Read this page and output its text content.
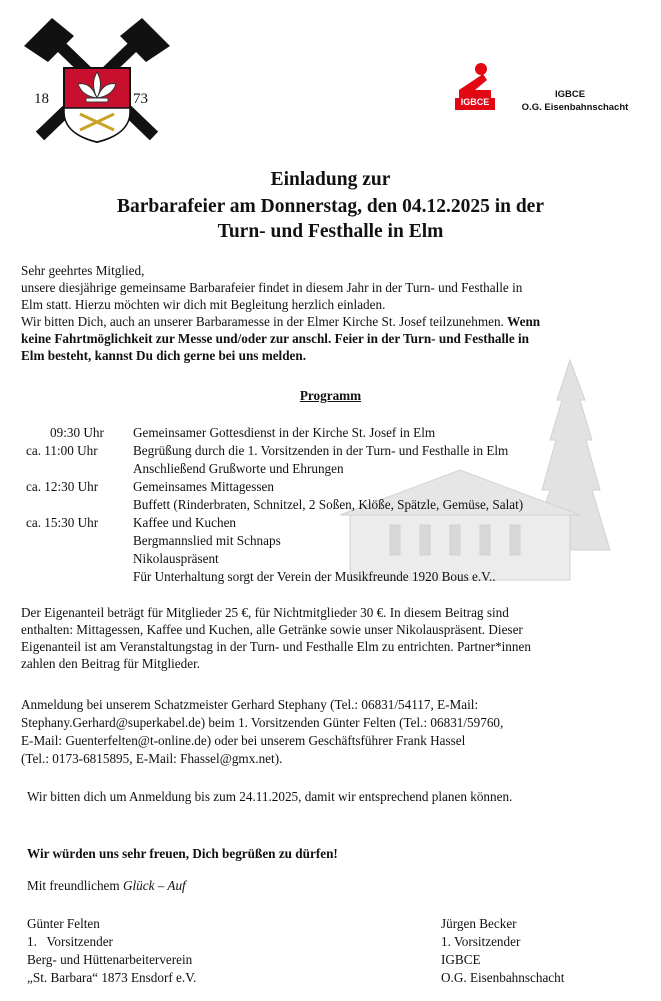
18	73	IGBCE
IGBCE
O.G. Eisenbahnschacht
Einladung zur
Barbarafeier am Donnerstag, den 04.12.2025 in der
Turn- und Festhalle in Elm
Sehr geehrtes Mitglied,
unsere diesjährige gemeinsame Barbarafeier findet in diesem Jahr in der Turn- und Festhalle in
Elm statt. Hierzu möchten wir dich mit Begleitung herzlich einladen.
Wir bitten Dich, auch an unserer Barbaramesse in der Elmer Kirche St. Josef teilzunehmen. Wenn
keine Fahrtmöglichkeit zur Messe und/oder zur anschl. Feier in der Turn- und Festhalle in
Elm besteht, kannst Du dich gerne bei uns melden.
Programm
09:30 Uhr Gemeinsamer Gottesdienst in der Kirche St. Josef in Elm
ca. 11:00 Uhr	Begrüßung durch die 1. Vorsitzenden in der Turn- und Festhalle in Elm
Anschließend Grußworte und Ehrungen
ca. 12:30 Uhr	Gemeinsames Mittagessen
Buffett (Rinderbraten, Schnitzel, 2 Soßen, Klöße, Spätzle, Gemüse, Salat)
ca. 15:30 Uhr	Kaffee und Kuchen
Bergmannslied mit Schnaps
Nikolauspräsent
Für Unterhaltung sorgt der Verein der Musikfreunde 1920 Bous e.V..
Der Eigenanteil beträgt für Mitglieder 25 €, für Nichtmitglieder 30 €. In diesem Beitrag sind
enthalten: Mittagessen, Kaffee und Kuchen, alle Getränke sowie unser Nikolauspräsent. Dieser
Eigenanteil ist am Veranstaltungstag in der Turn- und Festhalle Elm zu entrichten. Partner*innen
zahlen den Beitrag für Mitglieder.
Anmeldung bei unserem Schatzmeister Gerhard Stephany (Tel.: 06831/54117, E-Mail:
Stephany.Gerhard@superkabel.de) beim 1. Vorsitzenden Günter Felten (Tel.: 06831/59760,
E-Mail: Guenterfelten@t-online.de) oder bei unserem Geschäftsführer Frank Hassel
(Tel.: 0173-6815895, E-Mail: Fhassel@gmx.net).
Wir bitten dich um Anmeldung bis zum 24.11.2025, damit wir entsprechend planen können.
Wir würden uns sehr freuen, Dich begrüßen zu dürfen!
Mit freundlichem Glück – Auf
Günter Felten
1.   Vorsitzender
Berg- und Hüttenarbeiterverein
„St. Barbara“ 1873 Ensdorf e.V.
Jürgen Becker
1. Vorsitzender
IGBCE
O.G. Eisenbahnschacht
